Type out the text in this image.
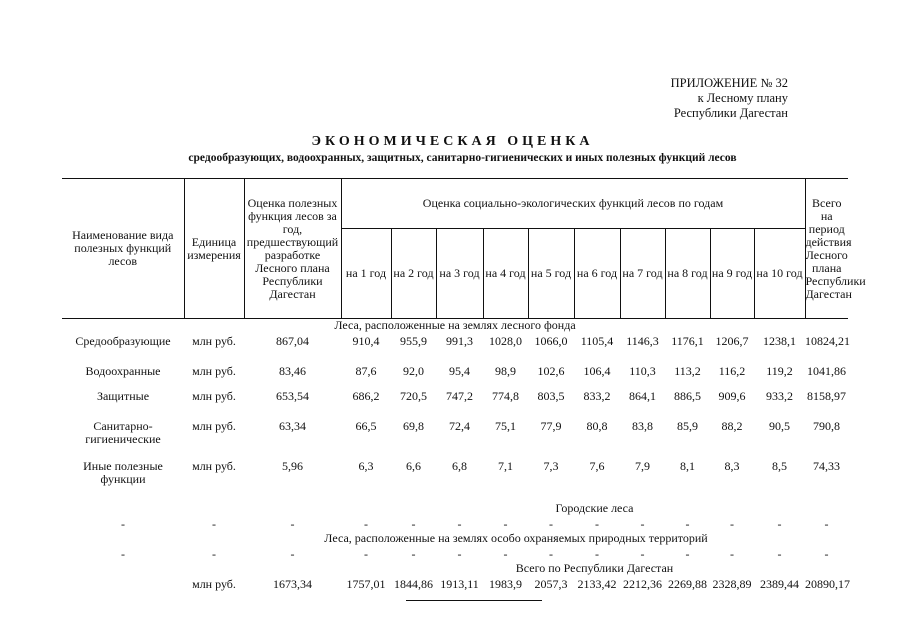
ПРИЛОЖЕНИЕ № 32
к Лесному плану
Республики Дагестан
ЭКОНОМИЧЕСКАЯ ОЦЕНКА
средообразующих, водоохранных, защитных, санитарно-гигиенических и иных полезных функций лесов
Наименование вида полезных функций лесов	Единица измерения	Оценка полезных функция лесов за год, предшествующий разработке Лесного плана Республики Дагестан	Оценка социально-экологических функций лесов по годам										Всего на период действия Лесного плана Республики Дагестан
			на 1 год	на 2 год	на 3 год	на 4 год	на 5 год	на 6 год	на 7 год	на 8 год	на 9 год	на 10 год	
Леса, расположенные на землях лесного фонда													
Средообразующие	млн руб.	867,04	910,4	955,9	991,3	1028,0	1066,0	1105,4	1146,3	1176,1	1206,7	1238,1	10824,21
Водоохранные	млн руб.	83,46	87,6	92,0	95,4	98,9	102,6	106,4	110,3	113,2	116,2	119,2	1041,86
Защитные	млн руб.	653,54	686,2	720,5	747,2	774,8	803,5	833,2	864,1	886,5	909,6	933,2	8158,97
Санитарно-гигиенические	млн руб.	63,34	66,5	69,8	72,4	75,1	77,9	80,8	83,8	85,9	88,2	90,5	790,8
Иные полезные функции	млн руб.	5,96	6,3	6,6	6,8	7,1	7,3	7,6	7,9	8,1	8,3	8,5	74,33
			Городские леса										
-	-	-	-	-	-	-	-	-	-	-	-	-	-
	Леса, расположенные на землях особо охраняемых природных территорий												
-	-	-	-	-	-	-	-	-	-	-	-	-	-
			Всего по Республики Дагестан										
	млн руб.	1673,34	1757,01	1844,86	1913,11	1983,9	2057,3	2133,42	2212,36	2269,88	2328,89	2389,44	20890,17
